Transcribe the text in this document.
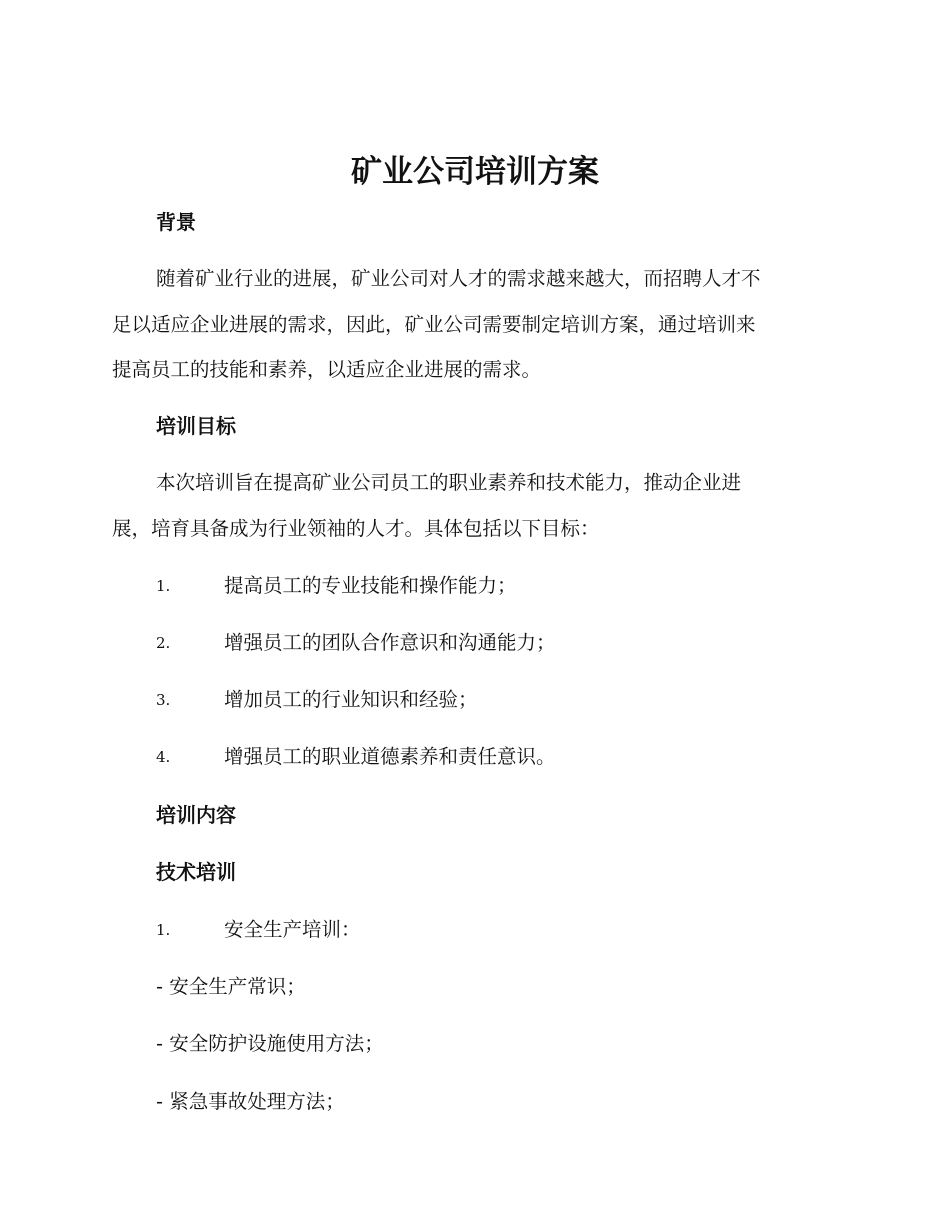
矿业公司培训方案
背景
随着矿业行业的进展，矿业公司对人才的需求越来越大，而招聘人才不
足以适应企业进展的需求，因此，矿业公司需要制定培训方案，通过培训来
提高员工的技能和素养，以适应企业进展的需求。
培训目标
本次培训旨在提高矿业公司员工的职业素养和技术能力，推动企业进
展，培育具备成为行业领袖的人才。具体包括以下目标：
1.	提高员工的专业技能和操作能力；
2.	增强员工的团队合作意识和沟通能力；
3.	增加员工的行业知识和经验；
4.	增强员工的职业道德素养和责任意识。
培训内容
技术培训
1.	安全生产培训：
- 安全生产常识；
- 安全防护设施使用方法；
- 紧急事故处理方法；
